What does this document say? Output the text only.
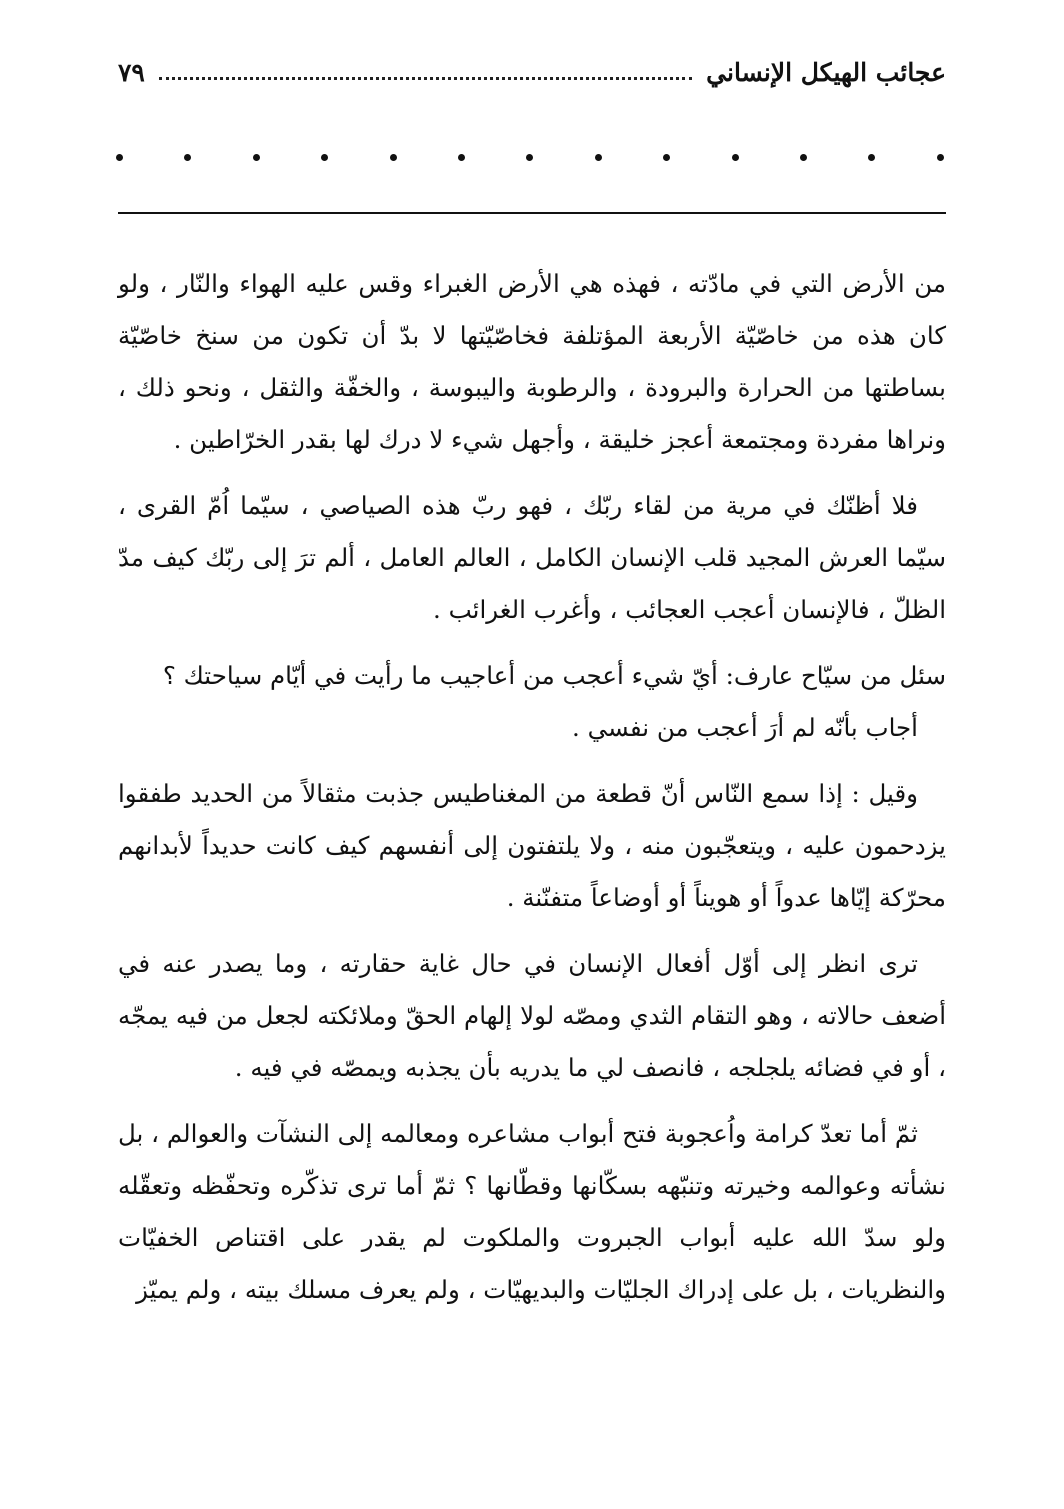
عجائب الهيكل الإنساني
٧٩

من الأرض التي في مادّته ، فهذه هي الأرض الغبراء وقس عليه الهواء والنّار ، ولو كان هذه من خاصّيّة الأربعة المؤتلفة فخاصّيّتها لا بدّ أن تكون من سنخ خاصّيّة بساطتها من الحرارة والبرودة ، والرطوبة واليبوسة ، والخفّة والثقل ، ونحو ذلك ، ونراها مفردة ومجتمعة أعجز خليقة ، وأجهل شيء لا درك لها بقدر الخرّاطين .

فلا أظنّك في مرية من لقاء ربّك ، فهو ربّ هذه الصياصي ، سيّما اُمّ القرى ، سيّما العرش المجيد قلب الإنسان الكامل ، العالم العامل ، ألم ترَ إلى ربّك كيف مدّ الظلّ ، فالإنسان أعجب العجائب ، وأغرب الغرائب .

سئل من سيّاح عارف: أيّ شيء أعجب من أعاجيب ما رأيت في أيّام سياحتك ؟

أجاب بأنّه لم أرَ أعجب من نفسي .

وقيل : إذا سمع النّاس أنّ قطعة من المغناطيس جذبت مثقالاً من الحديد طفقوا يزدحمون عليه ، ويتعجّبون منه ، ولا يلتفتون إلى أنفسهم كيف كانت حديداً لأبدانهم محرّكة إيّاها عدواً أو هويناً أو أوضاعاً متفنّنة .

ترى انظر إلى أوّل أفعال الإنسان في حال غاية حقارته ، وما يصدر عنه في أضعف حالاته ، وهو التقام الثدي ومصّه لولا إلهام الحقّ وملائكته لجعل من فيه يمجّه ، أو في فضائه يلجلجه ، فانصف لي ما يدريه بأن يجذبه ويمصّه في فيه .

ثمّ أما تعدّ كرامة واُعجوبة فتح أبواب مشاعره ومعالمه إلى النشآت والعوالم ، بل نشأته وعوالمه وخيرته وتنبّهه بسكّانها وقطّانها ؟ ثمّ أما ترى تذكّره وتحفّظه وتعقّله ولو سدّ الله عليه أبواب الجبروت والملكوت لم يقدر على اقتناص الخفيّات والنظريات ، بل على إدراك الجليّات والبديهيّات ، ولم يعرف مسلك بيته ، ولم يميّز
